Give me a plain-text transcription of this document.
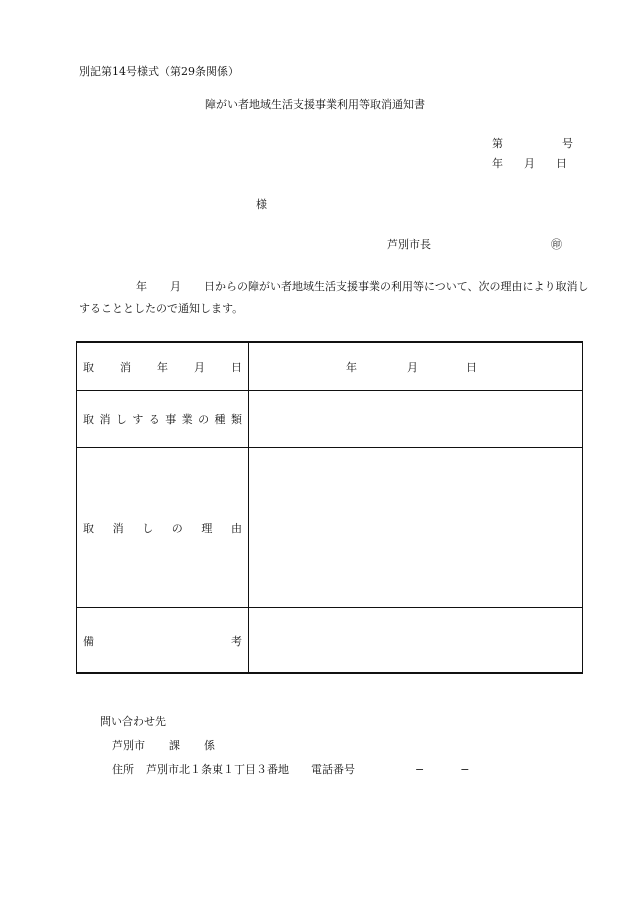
別記第14号様式（第29条関係）
障がい者地域生活支援事業利用等取消通知書
第	号
年 月 日
様
芦別市長	㊞
年 月 日からの障がい者地域生活支援事業の利用等について、次の理由により取消しすることとしたので通知します。
取 消 年 月 日	年	月	日
取 消 し す る 事 業 の 種 類
取 消 し の 理 由
備	考
問い合わせ先
芦別市 課 係
住所 芦別市北１条東１丁目３番地 電話番号	−	−
